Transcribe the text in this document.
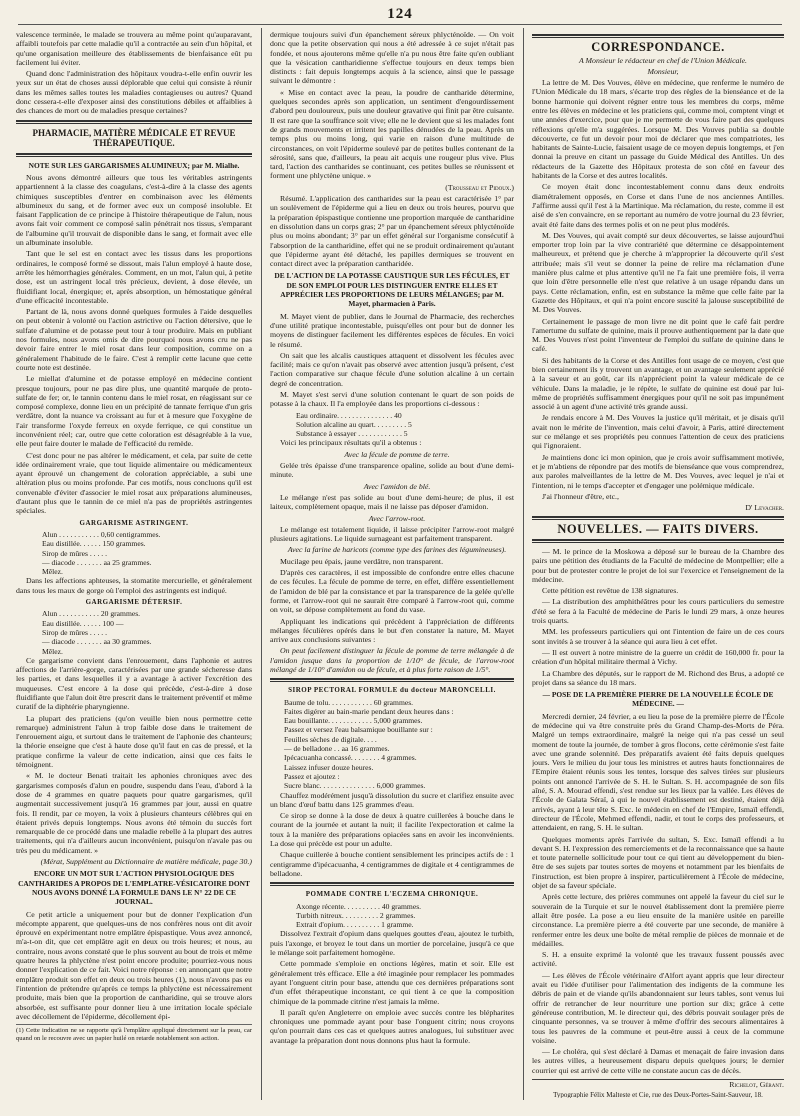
124

valescence terminée, le malade se trouvera au même point qu'auparavant, affaibli toutefois par cette maladie qu'il a contractée au sein d'un hôpital, et qu'une organisation meilleure des établissements de bienfaisance eût pu facilement lui éviter.

Quand donc l'administration des hôpitaux voudra-t-elle enfin ouvrir les yeux sur un état de choses aussi déplorable que celui qui consiste à réunir dans les mêmes salles toutes les maladies contagieuses ou autres? Quand donc cessera-t-elle d'exposer ainsi des constitutions débiles et affaiblies à des chances de mort ou de maladies presque certaines?

PHARMACIE, MATIÈRE MÉDICALE ET REVUE THÉRAPEUTIQUE.
NOTE SUR LES GARGARISMES ALUMINEUX; par M. Mialhe.

Nous avons démontré ailleurs que tous les véritables astringents appartiennent à la classe des coagulans, c'est-à-dire à la classe des agents chimiques susceptibles d'entrer en combinaison avec les éléments albumineux du sang, et de former avec eux un composé insoluble. Et faisant l'application de ce principe à l'histoire thérapeutique de l'alun, nous avons fait voir comment ce composé salin pénétrait nos tissus, s'emparant de l'albumine qu'il trouvait de disponible dans le sang, et formait avec elle un albuminate insoluble.

Tant que le sel est en contact avec les tissus dans les proportions ordinaires, le composé formé se dissout, mais l'alun employé à haute dose, arrête les hémorrhagies générales. Comment, en un mot, l'alun qui, à petite dose, est un astringent local très précieux, devient, à dose élevée, un fluidifiant local, énergique; et, après absorption, un hémostatique général d'une efficacité incontestable.

Partant de là, nous avons donné quelques formules à l'aide desquelles on peut obtenir à volonté ou l'action astrictive ou l'action détersive, que le sulfate d'alumine et de potasse peut tour à tour produire. Mais en publiant nos formules, nous avons omis de dire pourquoi nous avons cru ne pas devoir faire entrer le miel rosat dans leur composition, comme on a généralement l'habitude de le faire. C'est à remplir cette lacune que cette courte note est destinée.

Le miellat d'alumine et de potasse employé en médecine contient presque toujours, pour ne pas dire plus, une quantité marquée de proto-sulfate de fer; or, le tannin contenu dans le miel rosat, en réagissant sur ce composé complexe, donne lieu en un précipité de tannate ferrique d'un gris verdâtre, dont la nuance va croissant au fur et à mesure que l'oxygène de l'air transforme l'oxyde ferreux en oxyde ferrique, ce qui constitue un inconvénient réel; car, outre que cette coloration est désagréable à la vue, elle peut faire douter le malade de l'efficacité du remède.

C'est donc pour ne pas altérer le médicament, et cela, par suite de cette idée ordinairement vraie, que tout liquide alimentaire ou médicamenteux ayant éprouvé un changement de coloration appréciable, a subi une altération plus ou moins profonde. Par ces motifs, nous concluons qu'il est convenable d'éviter d'associer le miel rosat aux préparations alumineuses, d'autant plus que le tannin de ce miel n'a pas de propriétés astringentes spéciales.

GARGARISME ASTRINGENT.
Alun . . . . . . . . . . . 0,60 centigrammes.
Eau distillée. . . . . . 150 grammes.
Sirop de mûres . . . . .
— diacode . . . . . . . aa 25 grammes.
Mêlez.

Dans les affections aphteuses, la stomatite mercurielle, et généralement dans tous les maux de gorge où l'emploi des astringents est indiqué.

GARGARISME DÉTERSIF.
Alun . . . . . . . . . . . 20 grammes.
Eau distillée. . . . . . 100 —
Sirop de mûres . . . . .
— diacode . . . . . . . aa 30 grammes.
Mêlez.

Ce gargarisme convient dans l'enrouement, dans l'aphonie et autres affections de l'arrière-gorge, caractérisées par une grande sécheresse dans les parties, et dans lesquelles il y a avantage à activer l'excrétion des muqueuses. C'est encore à la dose qui précède, c'est-à-dire à dose fluidifiante que l'alun doit être prescrit dans le traitement préventif et même curatif de la diphtérie pharyngienne.

La plupart des praticiens (qu'on veuille bien nous permettre cette remarque) administrent l'alun à trop faible dose dans le traitement de l'enrouement aigu, et surtout dans le traitement de l'aphonie des chanteurs; la théorie enseigne que c'est à haute dose qu'il faut en cas de pressé, et la pratique confirme la valeur de cette indication, ainsi que ces faits le témoignent.

« M. le docteur Benati traitait les aphonies chroniques avec des gargarismes composés d'alun en poudre, suspendu dans l'eau, d'abord à la dose de 4 grammes en quatre paquets pour quatre gargarismes, qu'il augmentait successivement jusqu'à 16 grammes par jour, aussi en quatre fois. Il rendit, par ce moyen, la voix à plusieurs chanteurs célèbres qui en étaient privés depuis longtemps. Nous avons été témoin du succès fort remarquable de ce procédé dans une maladie rebelle à la plupart des autres traitements, qui n'a d'ailleurs aucun inconvénient, puisqu'on n'avale pas ou très peu du médicament. »

(Mérat, Supplément au Dictionnaire de matière médicale, page 30.)

ENCORE UN MOT SUR L'ACTION PHYSIOLOGIQUE DES CANTHARIDES A PROPOS DE L'EMPLATRE-VÉSICATOIRE DONT NOUS AVONS DONNÉ LA FORMULE DANS LE N° 22 DE CE JOURNAL.

Ce petit article a uniquement pour but de donner l'explication d'un mécompte apparent, que quelques-uns de nos confrères nous ont dit avoir éprouvé en expérimentant notre emplâtre épispastique. Vous avez annoncé, m'a-t-on dit, que cet emplâtre agit en deux ou trois heures; et nous, au contraire, nous avons constaté que le plus souvent au bout de trois et même quatre heures la phlyctène n'est point encore produite; pourriez-vous nous donner l'explication de ce fait. Voici notre réponse : en annonçant que notre emplâtre produit son effet en deux ou trois heures (1), nous n'avons pas eu l'intention de prétendre qu'après ce temps la phlyctène est nécessairement produite, mais bien que la proportion de cantharidine, qui se trouve alors absorbée, est suffisante pour donner lieu à une irritation locale spéciale avec décollement de l'épiderme, décollement épi-

(1) Cette indication ne se rapporte qu'à l'emplâtre appliqué directement sur la peau, car quand on le recouvre avec un papier huilé on retarde notablement son action.

dermique toujours suivi d'un épanchement séreux phlycténoïde. — On voit donc que la petite observation qui nous a été adressée à ce sujet n'était pas fondée, et nous ajouterons même qu'elle n'a pu nous être faite qu'en oubliant que la vésication cantharidienne s'effectue toujours en deux temps bien distincts : fait depuis longtemps acquis à la science, ainsi que le passage suivant le démontre :

« Mise en contact avec la peau, la poudre de cantharide détermine, quelques secondes après son application, un sentiment d'engourdissement d'abord peu douloureux, puis une douleur gravative qui finit par être cuisante. Il est rare que la souffrance soit vive; elle ne le devient que si les malades font de grands mouvements et irritent les papilles dénudées de la peau. Après un temps plus ou moins long, qui varie en raison d'une multitude de circonstances, on voit l'épiderme soulevé par de petites bulles contenant de la sérosité, sans que, d'ailleurs, la peau ait acquis une rougeur plus vive. Plus tard, l'action des cantharides se continuant, ces petites bulles se réunissent et forment une phlyctène unique. »

(Trousseau et Pidoux.)

Résumé. L'application des cantharides sur la peau est caractérisée 1° par un soulèvement de l'épiderme qui a lieu en deux ou trois heures, pourvu que la préparation épispastique contienne une proportion marquée de cantharidine en dissolution dans un corps gras; 2° par un épanchement séreux phlycténoïde plus ou moins abondant; 3° par un effet général sur l'organisme consécutif à l'absorption de la cantharidine, effet qui ne se produit ordinairement qu'autant que l'épiderme ayant été détaché, les papilles dermiques se trouvent en contact direct avec la préparation cantharidée.

DE L'ACTION DE LA POTASSE CAUSTIQUE SUR LES FÉCULES, ET DE SON EMPLOI POUR LES DISTINGUER ENTRE ELLES ET APPRÉCIER LES PROPORTIONS DE LEURS MÉLANGES; par M. Mayet, pharmacien à Paris.

M. Mayet vient de publier, dans le Journal de Pharmacie, des recherches d'une utilité pratique incontestable, puisqu'elles ont pour but de donner les moyens de distinguer facilement les différentes espèces de fécules. En voici le résumé.

On sait que les alcalis caustiques attaquent et dissolvent les fécules avec facilité; mais ce qu'on n'avait pas observé avec attention jusqu'à présent, c'est l'action comparative sur chaque fécule d'une solution alcaline à un certain degré de concentration.

M. Mayet s'est servi d'une solution contenant le quart de son poids de potasse à la chaux. Il l'a employée dans les proportions ci-dessous :

Eau ordinaire. . . . . . . . . . . . . . . 40
Solution alcaline au quart. . . . . . . . . 5
Substance à essayer . . . . . . . . . . . . 5

Voici les principaux résultats qu'il a obtenus :

Avec la fécule de pomme de terre.

Gelée très épaisse d'une transparence opaline, solide au bout d'une demi-minute.

Avec l'amidon de blé.

Le mélange n'est pas solide au bout d'une demi-heure; de plus, il est laiteux, complètement opaque, mais il ne laisse pas déposer d'amidon.

Avec l'arrow-root.

Le mélange est totalement liquide, il laisse précipiter l'arrow-root malgré plusieurs agitations. Le liquide surnageant est parfaitement transparent.

Avec la farine de haricots (comme type des farines des légumineuses).

Mucilage peu épais, jaune verdâtre, non transparent.

D'après ces caractères, il est impossible de confondre entre elles chacune de ces fécules. La fécule de pomme de terre, en effet, diffère essentiellement de l'amidon de blé par la consistance et par la transparence de la gelée qu'elle forme, et l'arrow-root qui ne saurait être comparé à l'arrow-root qui, comme on voit, se dépose complètement au fond du vase.

Appliquant les indications qui précèdent à l'appréciation de différents mélanges féculières opérés dans le but d'en constater la nature, M. Mayet arrive aux conclusions suivantes :

On peut facilement distinguer la fécule de pomme de terre mélangée à de l'amidon jusque dans la proportion de 1/10° de fécule, de l'arrow-root mélangé de 1/10° d'amidon ou de fécule, et à plus forte raison de 1/5°.

SIROP PECTORAL FORMULE du docteur MARONCELLI.
Baume de tolu. . . . . . . . . . . . 60 grammes.
Faites digérer au bain-marie pendant deux heures dans :
Eau bouillante. . . . . . . . . . . . 5,000 grammes.
Passez et versez l'eau balsamique bouillante sur :
Feuilles sèches de digitale. . . .
— de belladone . . aa 16 grammes.
Ipécacuanha concassé. . . . . . . . 4 grammes.
Laissez infuser douze heures.
Passez et ajoutez :
Sucre blanc. . . . . . . . . . . . . . . 6,000 grammes.

Chauffez modérément jusqu'à dissolution du sucre et clarifiez ensuite avec un blanc d'œuf battu dans 125 grammes d'eau.

Ce sirop se donne à la dose de deux à quatre cuillerées à bouche dans le courant de la journée et autant la nuit; il facilite l'expectoration et calme la toux à la manière des préparations opiacées sans en avoir les inconvénients. La dose qui précède est pour un adulte.

Chaque cuillerée à bouche contient sensiblement les principes actifs de : 1 centigramme d'ipécacuanha, 4 centigrammes de digitale et 4 centigrammes de belladone.

POMMADE CONTRE L'ECZEMA CHRONIQUE.
Axonge récente. . . . . . . . . . 40 grammes.
Turbith nitreux. . . . . . . . . . 2 grammes.
Extrait d'opium. . . . . . . . . . 1 gramme.

Dissolvez l'extrait d'opium dans quelques gouttes d'eau, ajoutez le turbith, puis l'axonge, et broyez le tout dans un mortier de porcelaine, jusqu'à ce que le mélange soit parfaitement homogène.

Cette pommade s'emploie en onctions légères, matin et soir. Elle est généralement très efficace. Elle a été imaginée pour remplacer les pommades ayant l'onguent citrin pour base, attendu que ces dernières préparations sont d'un effet thérapeutique inconstant, ce qui tient à ce que la composition chimique de la pommade citrine n'est jamais la même.

Il paraît qu'en Angleterre on emploie avec succès contre les blépharites chroniques une pommade ayant pour base l'onguent citrin; nous croyons qu'on pourrait dans ces cas et quelques autres analogues, lui substituer avec avantage la préparation dont nous donnons plus haut la formule.

CORRESPONDANCE.

A Monsieur le rédacteur en chef de l'Union Médicale.

Monsieur,

La lettre de M. Des Vouves, élève en médecine, que renferme le numéro de l'Union Médicale du 18 mars, s'écarte trop des règles de la bienséance et de la bonne harmonie qui doivent régner entre tous les membres du corps, même entre les élèves en médecine et les praticiens qui, comme moi, comptent vingt et une années d'exercice, pour que je me permette de vous faire part des quelques réflexions qu'elle m'a suggérées. Lorsque M. Des Vouves publia sa double découverte, ce fut un devoir pour moi de déclarer que mes compatriotes, les habitants de Sainte-Lucie, faisaient usage de ce moyen depuis longtemps, et j'en donnai la preuve en citant un passage du Guide Médical des Antilles. Un des rédacteurs de la Gazette des Hôpitaux protesta de son côté en faveur des habitants de la Corse et des autres localités.

Ce moyen était donc incontestablement connu dans deux endroits diamétralement opposés, en Corse et dans l'une de nos anciennes Antilles. J'affirme aussi qu'il l'est à la Martinique. Ma réclamation, du reste, comme il est aisé de s'en convaincre, en se reportant au numéro de votre journal du 23 février, avait été faite dans des termes polis et on ne peut plus modérés.

M. Des Vouves, qui avait compté sur deux découvertes, se laisse aujourd'hui emporter trop loin par la vive contrariété que détermine ce désappointement malheureux, et prétend que je cherche à m'approprier la découverte qu'il s'est attribuée; mais s'il veut se donner la peine de relire ma réclamation d'une manière plus calme et plus attentive qu'il ne l'a fait une première fois, il verra que loin d'être personnelle elle n'est que relative à un usage répandu dans un pays. Cette réclamation, enfin, est en substance la même que celle faite par la Gazette des Hôpitaux, et qui n'a point encore suscité la jalouse susceptibilité de M. Des Vouves.

Certainement le passage de mon livre ne dit point que le café fait perdre l'amertume du sulfate de quinine, mais il prouve authentiquement par la date que M. Des Vouves n'est point l'inventeur de l'emploi du sulfate de quinine dans le café.

Si des habitants de la Corse et des Antilles font usage de ce moyen, c'est que bien certainement ils y trouvent un avantage, et un avantage seulement apprécié à la saveur et au goût, car ils n'apprécient point la valeur médicale de ce véhicule. Dans la maladie, je le répète, le sulfate de quinine est doué par lui-même de propriétés suffisamment énergiques pour qu'il ne soit pas impunément associé à un agent d'une activité très grande aussi.

Je rendais encore à M. Des Vouves la justice qu'il méritait, et je disais qu'il avait non le mérite de l'invention, mais celui d'avoir, à Paris, attiré directement sur ce mélange et ses propriétés peu connues l'attention de ceux des praticiens qui l'ignoraient.

Je maintiens donc ici mon opinion, que je crois avoir suffisamment motivée, et je m'abtiens de répondre par des motifs de bienséance que vous comprendrez, aux paroles malveillantes de la lettre de M. Des Vouves, avec lequel je n'ai et l'intention, ni le temps d'accepter et d'engager une polémique médicale.

J'ai l'honneur d'être, etc.,

D' Levacher.

NOUVELLES. — FAITS DIVERS.

— M. le prince de la Moskowa a déposé sur le bureau de la Chambre des pairs une pétition des étudiants de la Faculté de médecine de Montpellier; elle a pour but de protester contre le projet de loi sur l'exercice et l'enseignement de la médecine.

Cette pétition est revêtue de 138 signatures.

— La distribution des amphithéâtres pour les cours particuliers du semestre d'été se fera à la Faculté de médecine de Paris le lundi 29 mars, à onze heures trois quarts.

MM. les professeurs particuliers qui ont l'intention de faire un de ces cours sont invités à se trouver à la séance qui aura lieu à cet effet.

— Il est ouvert à notre ministre de la guerre un crédit de 160,000 fr. pour la création d'un hôpital militaire thermal à Vichy.

La Chambre des députés, sur le rapport de M. Richond des Brus, a adopté ce projet dans sa séance du 18 mars.

— POSE DE LA PREMIÈRE PIERRE DE LA NOUVELLE ÉCOLE DE MÉDECINE. —

Mercredi dernier, 24 février, a eu lieu la pose de la première pierre de l'École de médecine qui va être construite près du Grand Champ-des-Morts de Péra. Malgré un temps extraordinaire, malgré la neige qui n'a pas cessé un seul moment de toute la journée, de tomber à gros flocons, cette cérémonie s'est faite avec une grande solennité. Des préparatifs avaient été faits depuis quelques jours. Vers le milieu du jour tous les ministres et autres hauts fonctionnaires de l'Empire étaient réunis sous les tentes, lorsque des salves tirées sur plusieurs points ont annoncé l'arrivée de S. H. le Sultan. S. H. accompagnée de son fils aîné, S. A. Mourad effendi, s'est rendue sur les lieux par la vallée. Les élèves de l'École de Galata Séraï, à qui le nouvel établissement est destiné, étaient déjà arrivés, ayant à leur tête S. Exc. le médecin en chef de l'Empire, Ismaïl effendi, directeur de l'École, Mehmed effendi, nadir, et tout le corps des professeurs, et attendaient, en rang, S. H. le sultan.

Quelques moments après l'arrivée du sultan, S. Exc. Ismaïl effendi a lu devant S. H. l'expression des remerciements et de la reconnaissance que sa haute et toute paternelle sollicitude pour tout ce qui tient au développement du bien-être de ses sujets par toutes sortes de moyens et notamment par les bienfaits de l'instruction, est bien propre à inspirer, particulièrement à l'École de médecine, objet de sa faveur spéciale.

Après cette lecture, des prières communes ont appelé la faveur du ciel sur le souverain de la Turquie et sur le nouvel établissement dont la première pierre allait être posée. La pose a eu lieu ensuite de la manière usitée en pareille circonstance. La première pierre a été couverte par une seconde, de manière à renfermer entre les deux une boîte de métal remplie de pièces de monnaie et de médailles.

S. H. a ensuite exprimé la volonté que les travaux fussent poussés avec activité.

— Les élèves de l'École vétérinaire d'Alfort ayant appris que leur directeur avait eu l'idée d'utiliser pour l'alimentation des indigents de la commune les débris de pain et de viande qu'ils abandonnaient sur leurs tables, sont venus lui offrir de retrancher de leur nourriture une portion sur dix; grâce à cette généreuse contribution, M. le directeur qui, des débris pouvait soulager près de cinquante personnes, va se trouver à même d'offrir des secours alimentaires à tous les pauvres de la commune et peut-être aussi à ceux de la commune voisine.

— Le choléra, qui s'est déclaré à Damas et menaçait de faire invasion dans les autres villes, a heureusement disparu depuis quelques jours; le dernier courrier qui est arrivé de cette ville ne constate aucun cas de décès.

Richelot, Gérant.

Typographie Félix Malteste et Cie, rue des Deux-Portes-Saint-Sauveur, 18.
